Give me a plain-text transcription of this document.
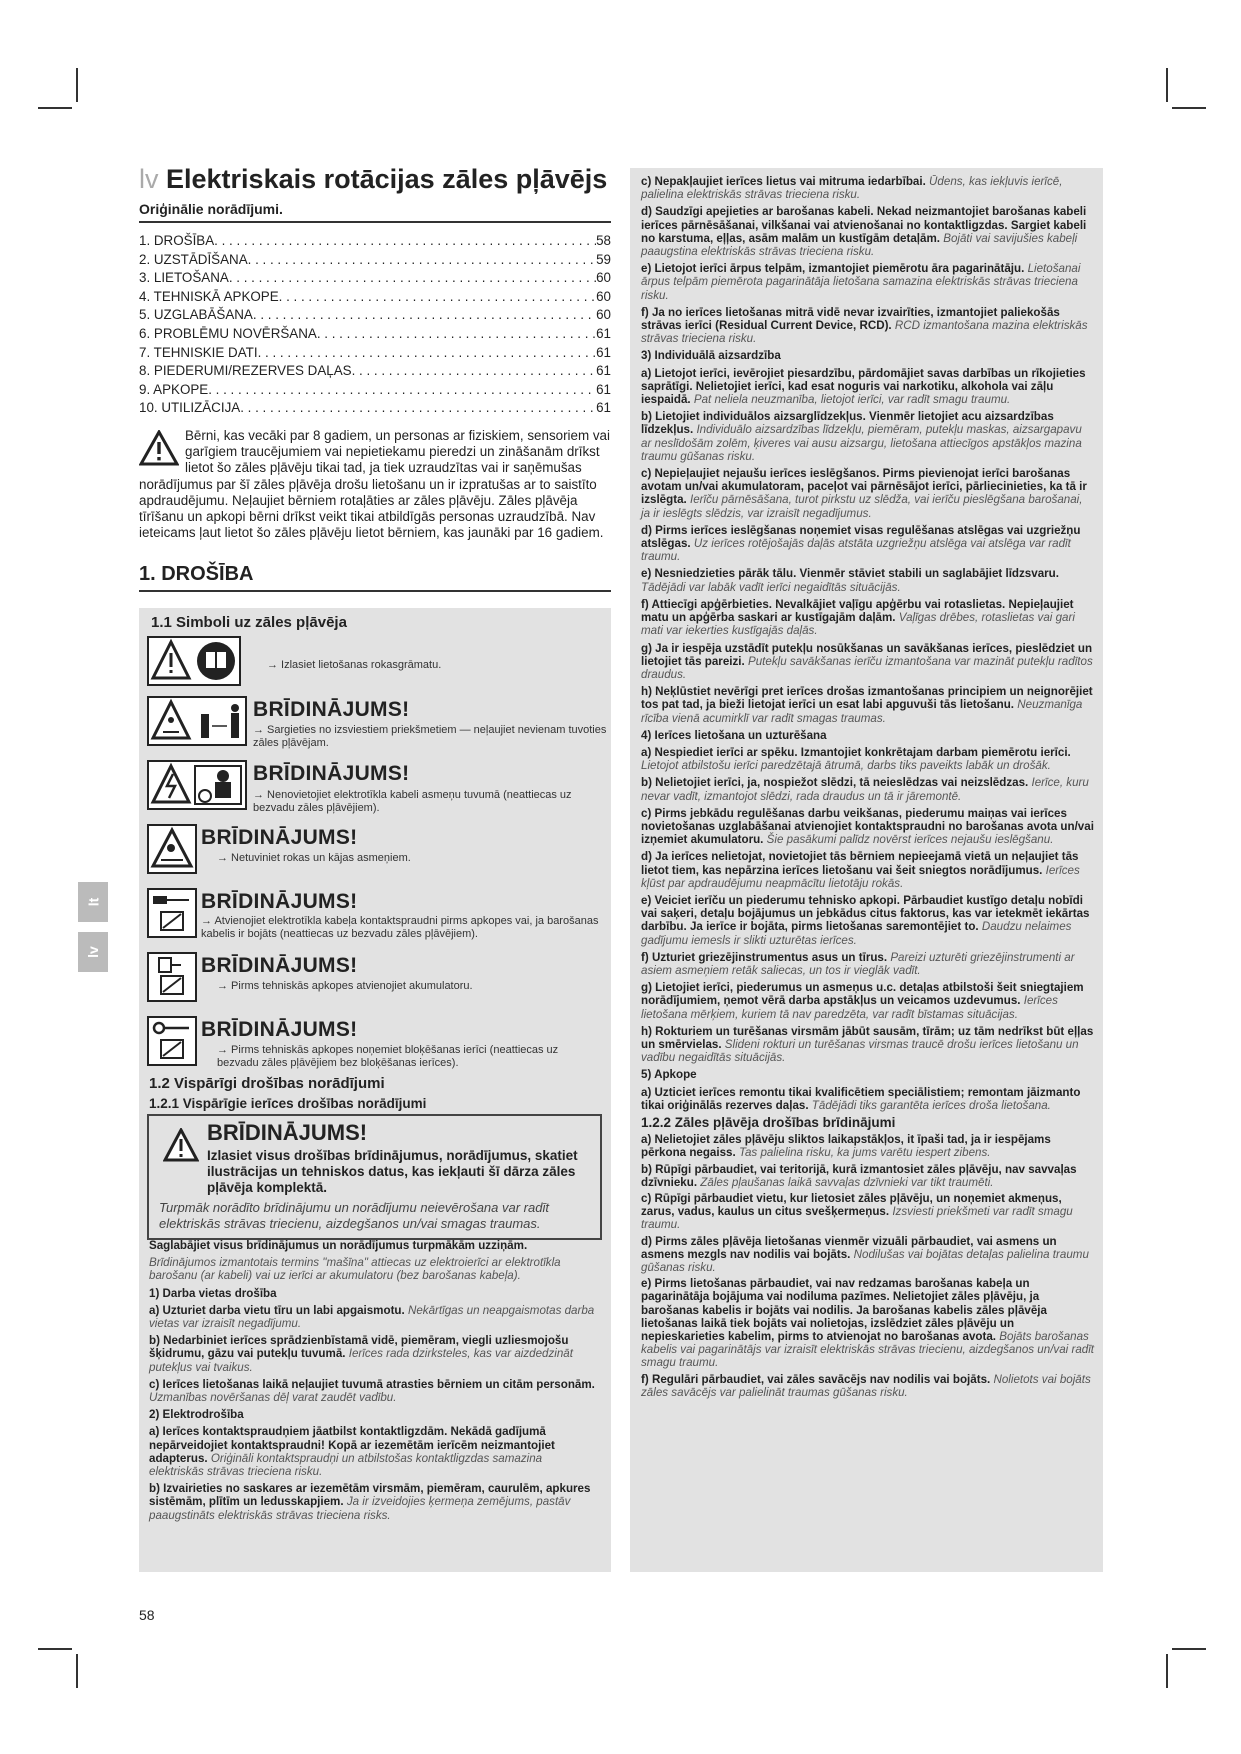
lt
lv
lv Elektriskais rotācijas zāles pļāvējs
Oriģinālie norādījumi.
1. DROŠĪBA . . .	58
2. UZSTĀDĪŠANA . . .	59
3. LIETOŠANA . . .	60
4. TEHNISKĀ APKOPE . . .	60
5. UZGLABĀŠANA . . .	60
6. PROBLĒMU NOVĒRŠANA . . .	61
7. TEHNISKIE DATI . . .	61
8. PIEDERUMI/REZERVES DAĻAS . . .	61
9. APKOPE . . .	61
10. UTILIZĀCIJA . . .	61
Bērni, kas vecāki par 8 gadiem, un personas ar fiziskiem, sensoriem vai garīgiem traucējumiem vai nepietiekamu pieredzi un zināšanām drīkst lietot šo zāles pļāvēju tikai tad, ja tiek uzraudzītas vai ir saņēmušas norādījumus par šī zāles pļāvēja drošu lietošanu un ir izpratušas ar to saistīto apdraudējumu. Neļaujiet bērniem rotaļāties ar zāles pļāvēju. Zāles pļāvēja tīrīšanu un apkopi bērni drīkst veikt tikai atbildīgās personas uzraudzībā. Nav ieteicams ļaut lietot šo zāles pļāvēju lietot bērniem, kas jaunāki par 16 gadiem.
1. DROŠĪBA
1.1 Simboli uz zāles pļāvēja
→ Izlasiet lietošanas rokasgrāmatu.
BRĪDINĀJUMS!
→ Sargieties no izsviestiem priekšmetiem — neļaujiet nevienam tuvoties zāles pļāvējam.
BRĪDINĀJUMS!
→ Nenovietojiet elektrotīkla kabeli asmeņu tuvumā (neattiecas uz bezvadu zāles pļāvējiem).
BRĪDINĀJUMS!
→ Netuviniet rokas un kājas asmeņiem.
BRĪDINĀJUMS!
→ Atvienojiet elektrotīkla kabeļa kontaktspraudni pirms apkopes vai, ja barošanas kabelis ir bojāts (neattiecas uz bezvadu zāles pļāvējiem).
BRĪDINĀJUMS!
→ Pirms tehniskās apkopes atvienojiet akumulatoru.
BRĪDINĀJUMS!
→ Pirms tehniskās apkopes noņemiet bloķēšanas ierīci (neattiecas uz bezvadu zāles pļāvējiem bez bloķēšanas ierīces).
1.2 Vispārīgi drošības norādījumi
1.2.1 Vispārīgie ierīces drošības norādījumi
BRĪDINĀJUMS!
Izlasiet visus drošības brīdinājumus, norādījumus, skatiet ilustrācijas un tehniskos datus, kas iekļauti šī dārza zāles pļāvēja komplektā.
Turpmāk norādīto brīdinājumu un norādījumu neievērošana var radīt elektriskās strāvas triecienu, aizdegšanos un/vai smagas traumas.
Saglabājiet visus brīdinājumus un norādījumus turpmākām uzziņām.
Brīdinājumos izmantotais termins "mašīna" attiecas uz elektroierīci ar elektrotīkla barošanu (ar kabeli) vai uz ierīci ar akumulatoru (bez barošanas kabeļa).
1) Darba vietas drošība
a) Uzturiet darba vietu tīru un labi apgaismotu. Nekārtīgas un neapgaismotas darba vietas var izraisīt negadījumu.
b) Nedarbiniet ierīces sprādzienbīstamā vidē, piemēram, viegli uzliesmojošu šķidrumu, gāzu vai putekļu tuvumā. Ierīces rada dzirksteles, kas var aizdedzināt putekļus vai tvaikus.
c) Ierīces lietošanas laikā neļaujiet tuvumā atrasties bērniem un citām personām. Uzmanības novēršanas dēļ varat zaudēt vadību.
2) Elektrodrošība
a) Ierīces kontaktspraudņiem jāatbilst kontaktligzdām. Nekādā gadījumā nepārveidojiet kontaktspraudni! Kopā ar iezemētām ierīcēm neizmantojiet adapterus. Oriģināli kontaktspraudņi un atbilstošas kontaktligzdas samazina elektriskās strāvas trieciena risku.
b) Izvairieties no saskares ar iezemētām virsmām, piemēram, caurulēm, apkures sistēmām, plītīm un ledusskapjiem. Ja ir izveidojies ķermeņa zemējums, pastāv paaugstināts elektriskās strāvas trieciena risks.
c) Nepakļaujiet ierīces lietus vai mitruma iedarbībai. Ūdens, kas iekļuvis ierīcē, palielina elektriskās strāvas trieciena risku.
d) Saudzīgi apejieties ar barošanas kabeli. Nekad neizmantojiet barošanas kabeli ierīces pārnēsāšanai, vilkšanai vai atvienošanai no kontaktligzdas. Sargiet kabeli no karstuma, eļļas, asām malām un kustīgām detaļām. Bojāti vai savijušies kabeļi paaugstina elektriskās strāvas trieciena risku.
e) Lietojot ierīci ārpus telpām, izmantojiet piemērotu āra pagarinātāju. Lietošanai ārpus telpām piemērota pagarinātāja lietošana samazina elektriskās strāvas trieciena risku.
f) Ja no ierīces lietošanas mitrā vidē nevar izvairīties, izmantojiet paliekošās strāvas ierīci (Residual Current Device, RCD). RCD izmantošana mazina elektriskās strāvas trieciena risku.
3) Individuālā aizsardzība
a) Lietojot ierīci, ievērojiet piesardzību, pārdomājiet savas darbības un rīkojieties saprātīgi. Nelietojiet ierīci, kad esat noguris vai narkotiku, alkohola vai zāļu iespaidā. Pat neliela neuzmanība, lietojot ierīci, var radīt smagu traumu.
b) Lietojiet individuālos aizsarglīdzekļus. Vienmēr lietojiet acu aizsardzības līdzekļus. Individuālo aizsardzības līdzekļu, piemēram, putekļu maskas, aizsargapavu ar neslīdošām zolēm, ķiveres vai ausu aizsargu, lietošana attiecīgos apstākļos mazina traumu gūšanas risku.
c) Nepieļaujiet nejaušu ierīces ieslēgšanos. Pirms pievienojat ierīci barošanas avotam un/vai akumulatoram, paceļot vai pārnēsājot ierīci, pārliecinieties, ka tā ir izslēgta. Ierīču pārnēsāšana, turot pirkstu uz slēdža, vai ierīču pieslēgšana barošanai, ja ir ieslēgts slēdzis, var izraisīt negadījumus.
d) Pirms ierīces ieslēgšanas noņemiet visas regulēšanas atslēgas vai uzgriežņu atslēgas. Uz ierīces rotējošajās daļās atstāta uzgriežņu atslēga vai atslēga var radīt traumu.
e) Nesniedzieties pārāk tālu. Vienmēr stāviet stabili un saglabājiet līdzsvaru. Tādējādi var labāk vadīt ierīci negaidītās situācijās.
f) Attiecīgi apģērbieties. Nevalkājiet vaļīgu apģērbu vai rotaslietas. Nepieļaujiet matu un apģērba saskari ar kustīgajām daļām. Vaļīgas drēbes, rotaslietas vai gari mati var iekerties kustīgajās daļās.
g) Ja ir iespēja uzstādīt putekļu nosūkšanas un savākšanas ierīces, pieslēdziet un lietojiet tās pareizi. Putekļu savākšanas ierīču izmantošana var mazināt putekļu radītos draudus.
h) Neķlūstiet nevērīgi pret ierīces drošas izmantošanas principiem un neignorējiet tos pat tad, ja bieži lietojat ierīci un esat labi apguvuši tās lietošanu. Neuzmanīga rīcība vienā acumirklī var radīt smagas traumas.
4) Ierīces lietošana un uzturēšana
a) Nespiediet ierīci ar spēku. Izmantojiet konkrētajam darbam piemērotu ierīci. Lietojot atbilstošu ierīci paredzētajā ātrumā, darbs tiks paveikts labāk un drošāk.
b) Nelietojiet ierīci, ja, nospiežot slēdzi, tā neieslēdzas vai neizslēdzas. Ierīce, kuru nevar vadīt, izmantojot slēdzi, rada draudus un tā ir jāremontē.
c) Pirms jebkādu regulēšanas darbu veikšanas, piederumu maiņas vai ierīces novietošanas uzglabāšanai atvienojiet kontaktspraudni no barošanas avota un/vai izņemiet akumulatoru. Šie pasākumi palīdz novērst ierīces nejaušu ieslēgšanu.
d) Ja ierīces nelietojat, novietojiet tās bērniem nepieejamā vietā un neļaujiet tās lietot tiem, kas nepārzina ierīces lietošanu vai šeit sniegtos norādījumus. Ierīces kļūst par apdraudējumu neapmācītu lietotāju rokās.
e) Veiciet ierīču un piederumu tehnisko apkopi. Pārbaudiet kustīgo detaļu nobīdi vai saķeri, detaļu bojājumus un jebkādus citus faktorus, kas var ietekmēt iekārtas darbību. Ja ierīce ir bojāta, pirms lietošanas saremontējiet to. Daudzu nelaimes gadījumu iemesls ir slikti uzturētas ierīces.
f) Uzturiet griezējinstrumentus asus un tīrus. Pareizi uzturēti griezējinstrumenti ar asiem asmeņiem retāk saliecas, un tos ir vieglāk vadīt.
g) Lietojiet ierīci, piederumus un asmeņus u.c. detaļas atbilstoši šeit sniegtajiem norādījumiem, ņemot vērā darba apstākļus un veicamos uzdevumus. Ierīces lietošana mērķiem, kuriem tā nav paredzēta, var radīt bīstamas situācijas.
h) Rokturiem un turēšanas virsmām jābūt sausām, tīrām; uz tām nedrīkst būt eļļas un smērvielas. Slideni rokturi un turēšanas virsmas traucē drošu ierīces lietošanu un vadību negaidītās situācijās.
5) Apkope
a) Uzticiet ierīces remontu tikai kvalificētiem speciālistiem; remontam jāizmanto tikai oriģinālās rezerves daļas. Tādējādi tiks garantēta ierīces droša lietošana.
1.2.2 Zāles pļāvēja drošības brīdinājumi
a) Nelietojiet zāles pļāvēju sliktos laikapstākļos, it īpaši tad, ja ir iespējams pērkona negaiss. Tas palielina risku, ka jums varētu iespert zibens.
b) Rūpīgi pārbaudiet, vai teritorijā, kurā izmantosiet zāles pļāvēju, nav savvaļas dzīvnieku. Zāles pļaušanas laikā savvaļas dzīvnieki var tikt traumēti.
c) Rūpīgi pārbaudiet vietu, kur lietosiet zāles pļāvēju, un noņemiet akmeņus, zarus, vadus, kaulus un citus svešķermeņus. Izsviesti priekšmeti var radīt smagu traumu.
d) Pirms zāles pļāvēja lietošanas vienmēr vizuāli pārbaudiet, vai asmens un asmens mezgls nav nodilis vai bojāts. Nodilušas vai bojātas detaļas palielina traumu gūšanas risku.
e) Pirms lietošanas pārbaudiet, vai nav redzamas barošanas kabeļa un pagarinātāja bojājuma vai nodiluma pazīmes. Nelietojiet zāles pļāvēju, ja barošanas kabelis ir bojāts vai nodilis. Ja barošanas kabelis zāles pļāvēja lietošanas laikā tiek bojāts vai nolietojas, izslēdziet zāles pļāvēju un nepieskarieties kabelim, pirms to atvienojat no barošanas avota. Bojāts barošanas kabelis vai pagarinātājs var izraisīt elektriskās strāvas triecienu, aizdegšanos un/vai radīt smagu traumu.
f) Regulāri pārbaudiet, vai zāles savācējs nav nodilis vai bojāts. Nolietots vai bojāts zāles savācējs var palielināt traumas gūšanas risku.
58
